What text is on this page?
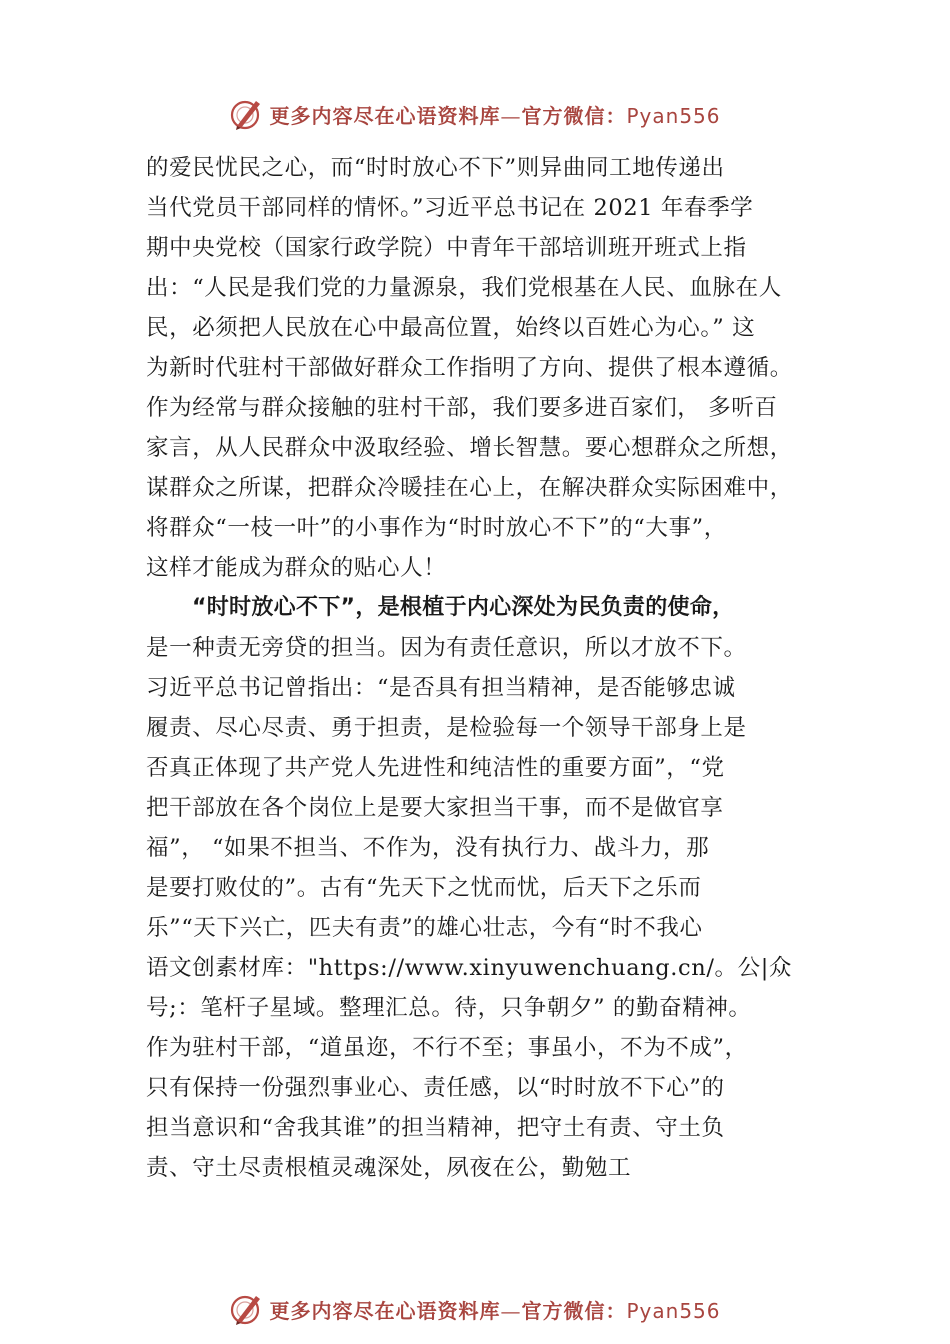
更多内容尽在心语资料库—官方微信：Pyan556
的爱民忧民之心，而“时时放心不下”则异曲同工地传递出
当代党员干部同样的情怀。”习近平总书记在 2021 年春季学
期中央党校（国家行政学院）中青年干部培训班开班式上指
出：“人民是我们党的力量源泉，我们党根基在人民、血脉在人
民，必须把人民放在心中最高位置，始终以百姓心为心。” 这
为新时代驻村干部做好群众工作指明了方向、提供了根本遵循。
作为经常与群众接触的驻村干部，我们要多进百家们， 多听百
家言，从人民群众中汲取经验、增长智慧。要心想群众之所想，
谋群众之所谋，把群众冷暖挂在心上，在解决群众实际困难中，
将群众“一枝一叶”的小事作为“时时放心不下”的“大事”，
这样才能成为群众的贴心人！
“时时放心不下”，是根植于内心深处为民负责的使命，
是一种责无旁贷的担当。因为有责任意识，所以才放不下。
习近平总书记曾指出：“是否具有担当精神，是否能够忠诚
履责、尽心尽责、勇于担责，是检验每一个领导干部身上是
否真正体现了共产党人先进性和纯洁性的重要方面”，“党
把干部放在各个岗位上是要大家担当干事，而不是做官享
福”， “如果不担当、不作为，没有执行力、战斗力，那
是要打败仗的”。古有“先天下之忧而忧，后天下之乐而
乐”“天下兴亡，匹夫有责”的雄心壮志，今有“时不我心
语文创素材库："https://www.xinyuwenchuang.cn/。公|众
号;：笔杆子星域。整理汇总。待，只争朝夕” 的勤奋精神。
作为驻村干部，“道虽迩，不行不至；事虽小，不为不成”，
只有保持一份强烈事业心、责任感，以“时时放不下心”的
担当意识和“舍我其谁”的担当精神，把守土有责、守土负
责、守土尽责根植灵魂深处，夙夜在公，勤勉工
更多内容尽在心语资料库—官方微信：Pyan556
